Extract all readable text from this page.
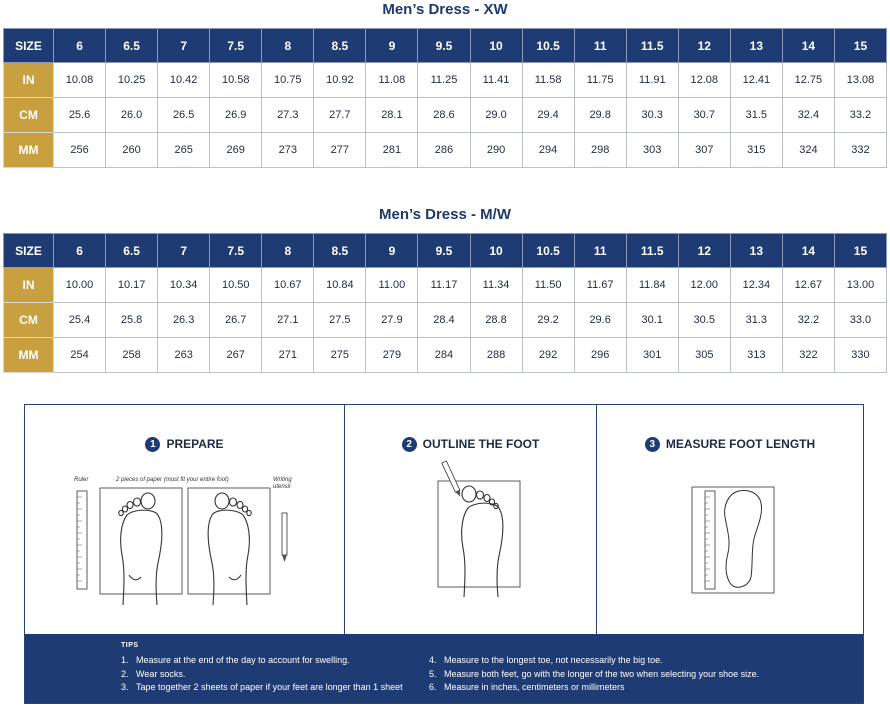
Men’s Dress - XW
SIZE	6	6.5	7	7.5	8	8.5	9	9.5	10	10.5	11	11.5	12	13	14	15
IN	10.08	10.25	10.42	10.58	10.75	10.92	11.08	11.25	11.41	11.58	11.75	11.91	12.08	12.41	12.75	13.08
CM	25.6	26.0	26.5	26.9	27.3	27.7	28.1	28.6	29.0	29.4	29.8	30.3	30.7	31.5	32.4	33.2
MM	256	260	265	269	273	277	281	286	290	294	298	303	307	315	324	332
Men’s Dress - M/W
SIZE	6	6.5	7	7.5	8	8.5	9	9.5	10	10.5	11	11.5	12	13	14	15
IN	10.00	10.17	10.34	10.50	10.67	10.84	11.00	11.17	11.34	11.50	11.67	11.84	12.00	12.34	12.67	13.00
CM	25.4	25.8	26.3	26.7	27.1	27.5	27.9	28.4	28.8	29.2	29.6	30.1	30.5	31.3	32.2	33.0
MM	254	258	263	267	271	275	279	284	288	292	296	301	305	313	322	330
1 PREPARE
Ruler	2 pieces of paper (must fit your entire foot)	Writing
utensil
2 OUTLINE THE FOOT	3 MEASURE FOOT LENGTH
TIPS
1. Measure at the end of the day to account for swelling.
2. Wear socks.
3. Tape together 2 sheets of paper if your feet are longer than 1 sheet
4. Measure to the longest toe, not necessarily the big toe.
5. Measure both feet, go with the longer of the two when selecting your shoe size.
6. Measure in inches, centimeters or millimeters
